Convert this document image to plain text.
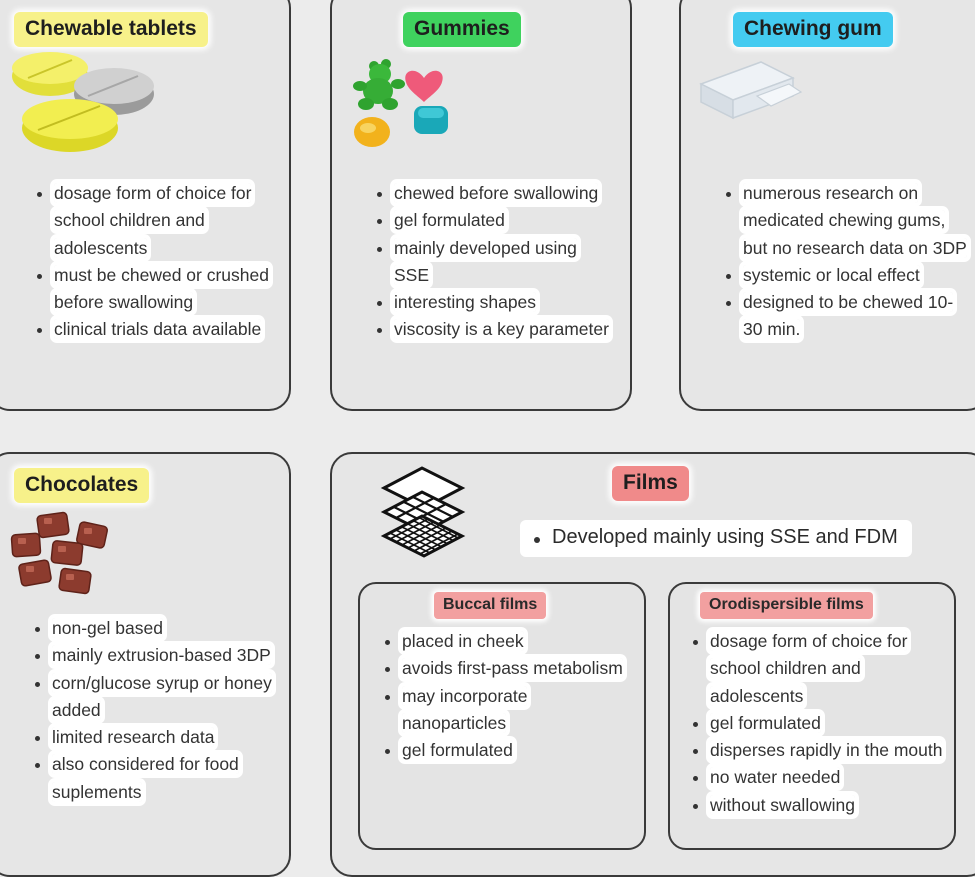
Chewable tablets
dosage form of choice for school children and adolescents
must be chewed or crushed before swallowing
clinical trials data available
Gummies
chewed before swallowing
gel formulated
mainly developed using SSE
interesting shapes
viscosity is a key parameter
Chewing gum
numerous research on medicated chewing gums, but no research data on 3DP
systemic or local effect
designed to be chewed 10-30 min.
Chocolates
non-gel based
mainly extrusion-based 3DP
corn/glucose syrup or honey added
limited research data
also considered for food suplements
Films
Developed mainly using SSE and FDM
Buccal films
placed in cheek
avoids first-pass metabolism
may incorporate nanoparticles
gel formulated
Orodispersible films
dosage form of choice for school children and adolescents
gel formulated
disperses rapidly in the mouth
no water needed
without swallowing
